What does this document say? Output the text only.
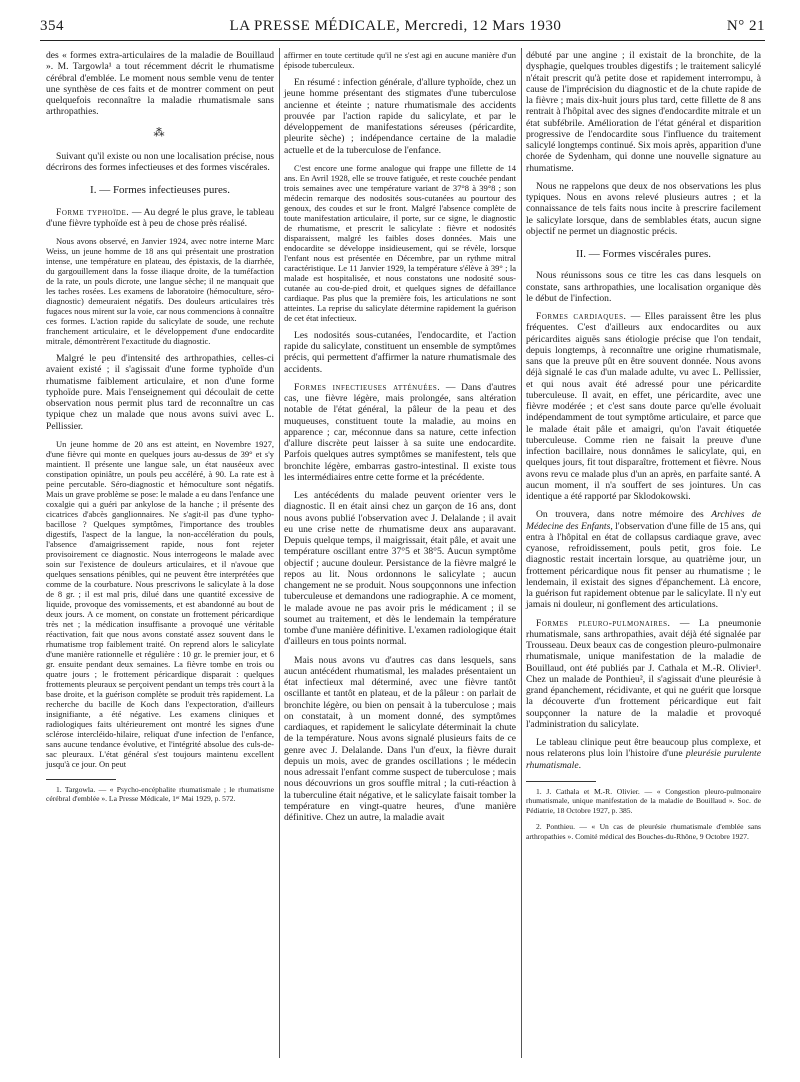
354	LA PRESSE MÉDICALE, Mercredi, 12 Mars 1930	N° 21

des « formes extra-articulaires de la maladie de Bouillaud ». M. Targowla¹ a tout récemment décrit le rhumatisme cérébral d'emblée. Le moment nous semble venu de tenter une synthèse de ces faits et de montrer comment on peut quelquefois reconnaître la maladie rhumatismale sans arthropathies.

⁂

Suivant qu'il existe ou non une localisation précise, nous décrirons des formes infectieuses et des formes viscérales.

I. — Formes infectieuses pures.

Forme typhoïde. — Au degré le plus grave, le tableau d'une fièvre typhoïde est à peu de chose près réalisé.

Nous avons observé, en Janvier 1924, avec notre interne Marc Weiss, un jeune homme de 18 ans qui présentait une prostration intense, une température en plateau, des épistaxis, de la diarrhée, du gargouillement dans la fosse iliaque droite, de la tuméfaction de la rate, un pouls dicrote, une langue sèche; il ne manquait que les taches rosées. Les examens de laboratoire (hémoculture, séro-diagnostic) demeuraient négatifs. Des douleurs articulaires très fugaces nous mirent sur la voie, car nous commencions à connaître ces formes. L'action rapide du salicylate de soude, une rechute franchement articulaire, et le développement d'une endocardite mitrale, démontrèrent l'exactitude du diagnostic.

Malgré le peu d'intensité des arthropathies, celles-ci avaient existé ; il s'agissait d'une forme typhoïde d'un rhumatisme faiblement articulaire, et non d'une forme typhoïde pure. Mais l'enseignement qui découlait de cette observation nous permit plus tard de reconnaître un cas typique chez un malade que nous avons suivi avec L. Pellissier.

Un jeune homme de 20 ans est atteint, en Novembre 1927, d'une fièvre qui monte en quelques jours au-dessus de 39° et s'y maintient. Il présente une langue sale, un état nauséeux avec constipation opiniâtre, un pouls peu accéléré, à 90. La rate est à peine percutable. Séro-diagnostic et hémoculture sont négatifs. Mais un grave problème se pose: le malade a eu dans l'enfance une coxalgie qui a guéri par ankylose de la hanche ; il présente des cicatrices d'abcès ganglionnaires. Ne s'agit-il pas d'une typho-bacillose ? Quelques symptômes, l'importance des troubles digestifs, l'aspect de la langue, la non-accélération du pouls, l'absence d'amaigrissement rapide, nous font rejeter provisoirement ce diagnostic. Nous interrogeons le malade avec soin sur l'existence de douleurs articulaires, et il n'avoue que quelques sensations pénibles, qui ne peuvent être interprétées que comme de la courbature. Nous prescrivons le salicylate à la dose de 8 gr. ; il est mal pris, dilué dans une quantité excessive de liquide, provoque des vomissements, et est abandonné au bout de deux jours. A ce moment, on constate un frottement péricardique très net ; la médication insuffisante a provoqué une véritable réactivation, fait que nous avons constaté assez souvent dans le rhumatisme trop faiblement traité. On reprend alors le salicylate d'une manière rationnelle et régulière : 10 gr. le premier jour, et 6 gr. ensuite pendant deux semaines. La fièvre tombe en trois ou quatre jours ; le frottement péricardique disparait : quelques frottements pleuraux se perçoivent pendant un temps très court à la base droite, et la guérison complète se produit très rapidement. La recherche du bacille de Koch dans l'expectoration, d'ailleurs insignifiante, a été négative. Les examens cliniques et radiologiques faits ultérieurement ont montré les signes d'une sclérose intercléido-hilaire, reliquat d'une infection de l'enfance, sans aucune tendance évolutive, et l'intégrité absolue des culs-de-sac pleuraux. L'état général s'est toujours maintenu excellent jusqu'à ce jour. On peut

1. Targowla. — « Psycho-encéphalite rhumatismale ; le rhumatisme cérébral d'emblée ». La Presse Médicale, 1ᵉʳ Mai 1929, p. 572.

affirmer en toute certitude qu'il ne s'est agi en aucune manière d'un épisode tuberculeux.

En résumé : infection générale, d'allure typhoïde, chez un jeune homme présentant des stigmates d'une tuberculose ancienne et éteinte ; nature rhumatismale des accidents prouvée par l'action rapide du salicylate, et par le développement de manifestations séreuses (péricardite, pleurite sèche) ; indépendance certaine de la maladie actuelle et de la tuberculose de l'enfance.

C'est encore une forme analogue qui frappe une fillette de 14 ans. En Avril 1928, elle se trouve fatiguée, et reste couchée pendant trois semaines avec une température variant de 37°8 à 39°8 ; son médecin remarque des nodosités sous-cutanées au pourtour des genoux, des coudes et sur le front. Malgré l'absence complète de toute manifestation articulaire, il porte, sur ce signe, le diagnostic de rhumatisme, et prescrit le salicylate : fièvre et nodosités disparaissent, malgré les faibles doses données. Mais une endocardite se développe insidieusement, qui se révèle, lorsque l'enfant nous est présentée en Décembre, par un rythme mitral caractéristique. Le 11 Janvier 1929, la température s'élève à 39° ; la malade est hospitalisée, et nous constatons une nodosité sous-cutanée au cou-de-pied droit, et quelques signes de défaillance cardiaque. Pas plus que la première fois, les articulations ne sont atteintes. La reprise du salicylate détermine rapidement la guérison de cet état infectieux.

Les nodosités sous-cutanées, l'endocardite, et l'action rapide du salicylate, constituent un ensemble de symptômes précis, qui permettent d'affirmer la nature rhumatismale des accidents.

Formes infectieuses atténuées. — Dans d'autres cas, une fièvre légère, mais prolongée, sans altération notable de l'état général, la pâleur de la peau et des muqueuses, constituent toute la maladie, au moins en apparence ; car, méconnue dans sa nature, cette infection d'allure discrète peut laisser à sa suite une endocardite. Parfois quelques autres symptômes se manifestent, tels que bronchite légère, embarras gastro-intestinal. Il existe tous les intermédiaires entre cette forme et la précédente.

Les antécédents du malade peuvent orienter vers le diagnostic. Il en était ainsi chez un garçon de 16 ans, dont nous avons publié l'observation avec J. Delalande ; il avait eu une crise nette de rhumatisme deux ans auparavant. Depuis quelque temps, il maigrissait, était pâle, et avait une température oscillant entre 37°5 et 38°5. Aucun symptôme objectif ; aucune douleur. Persistance de la fièvre malgré le repos au lit. Nous ordonnons le salicylate ; aucun changement ne se produit. Nous soupçonnons une infection tuberculeuse et demandons une radiographie. A ce moment, le malade avoue ne pas avoir pris le médicament ; il se soumet au traitement, et dès le lendemain la température tombe d'une manière définitive. L'examen radiologique était d'ailleurs en tous points normal.

Mais nous avons vu d'autres cas dans lesquels, sans aucun antécédent rhumatismal, les malades présentaient un état infectieux mal déterminé, avec une fièvre tantôt oscillante et tantôt en plateau, et de la pâleur : on parlait de bronchite légère, ou bien on pensait à la tuberculose ; mais on constatait, à un moment donné, des symptômes cardiaques, et rapidement le salicylate déterminait la chute de la température. Nous avons signalé plusieurs faits de ce genre avec J. Delalande. Dans l'un d'eux, la fièvre durait depuis un mois, avec de grandes oscillations ; le médecin nous adressait l'enfant comme suspect de tuberculose ; mais nous découvrions un gros souffle mitral ; la cuti-réaction à la tuberculine était négative, et le salicylate faisait tomber la température en vingt-quatre heures, d'une manière définitive. Chez un autre, la maladie avait

débuté par une angine ; il existait de la bronchite, de la dysphagie, quelques troubles digestifs ; le traitement salicylé n'était prescrit qu'à petite dose et rapidement interrompu, à cause de l'imprécision du diagnostic et de la chute rapide de la fièvre ; mais dix-huit jours plus tard, cette fillette de 8 ans rentrait à l'hôpital avec des signes d'endocardite mitrale et un état subfébrile. Amélioration de l'état général et disparition progressive de l'endocardite sous l'influence du traitement salicylé longtemps continué. Six mois après, apparition d'une chorée de Sydenham, qui donne une nouvelle signature au rhumatisme.

Nous ne rappelons que deux de nos observations les plus typiques. Nous en avons relevé plusieurs autres ; et la connaissance de tels faits nous incite à prescrire facilement le salicylate lorsque, dans de semblables états, aucun signe objectif ne permet un diagnostic précis.

II. — Formes viscérales pures.

Nous réunissons sous ce titre les cas dans lesquels on constate, sans arthropathies, une localisation organique dès le début de l'infection.

Formes cardiaques. — Elles paraissent être les plus fréquentes. C'est d'ailleurs aux endocardites ou aux péricardites aiguës sans étiologie précise que l'on tendait, depuis longtemps, à reconnaître une origine rhumatismale, sans que la preuve pût en être souvent donnée. Nous avons déjà signalé le cas d'un malade adulte, vu avec L. Pellissier, et qui nous avait été adressé pour une péricardite tuberculeuse. Il avait, en effet, une péricardite, avec une fièvre modérée ; et c'est sans doute parce qu'elle évoluait indépendamment de tout symptôme articulaire, et parce que le malade était pâle et amaigri, qu'on l'avait étiquetée tuberculeuse. Comme rien ne faisait la preuve d'une infection bacillaire, nous donnâmes le salicylate, qui, en quelques jours, fit tout disparaître, frottement et fièvre. Nous avons revu ce malade plus d'un an après, en parfaite santé. A aucun moment, il n'a souffert de ses jointures. Un cas identique a été rapporté par Sklodokowski.

On trouvera, dans notre mémoire des Archives de Médecine des Enfants, l'observation d'une fille de 15 ans, qui entra à l'hôpital en état de collapsus cardiaque grave, avec cyanose, refroidissement, pouls petit, gros foie. Le diagnostic restait incertain lorsque, au quatrième jour, un frottement péricardique nous fit penser au rhumatisme ; le lendemain, il existait des signes d'épanchement. Là encore, la guérison fut rapidement obtenue par le salicylate. Il n'y eut jamais ni douleur, ni gonflement des articulations.

Formes pleuro-pulmonaires. — La pneumonie rhumatismale, sans arthropathies, avait déjà été signalée par Trousseau. Deux beaux cas de congestion pleuro-pulmonaire rhumatismale, unique manifestation de la maladie de Bouillaud, ont été publiés par J. Cathala et M.-R. Olivier¹. Chez un malade de Ponthieu², il s'agissait d'une pleurésie à grand épanchement, récidivante, et qui ne guérit que lorsque la découverte d'un frottement péricardique eut fait soupçonner la nature de la maladie et provoqué l'administration du salicylate.

Le tableau clinique peut être beaucoup plus complexe, et nous relaterons plus loin l'histoire d'une pleurésie purulente rhumatismale.

1. J. Cathala et M.-R. Olivier. — « Congestion pleuro-pulmonaire rhumatismale, unique manifestation de la maladie de Bouillaud ». Soc. de Pédiatrie, 18 Octobre 1927, p. 385.

2. Ponthieu. — « Un cas de pleurésie rhumatismale d'emblée sans arthropathies ». Comité médical des Bouches-du-Rhône, 9 Octobre 1927.
